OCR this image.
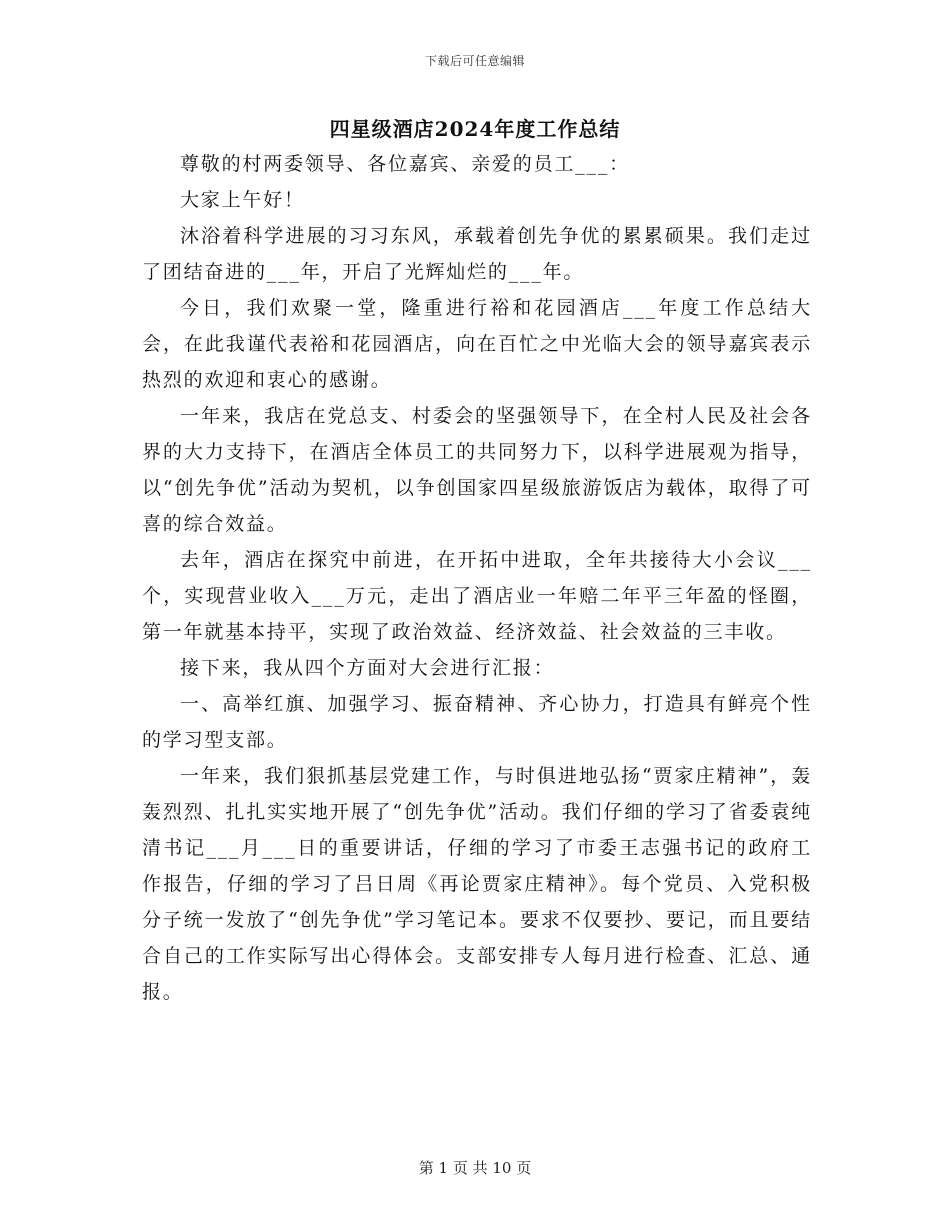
下载后可任意编辑
四星级酒店2024年度工作总结

尊敬的村两委领导、各位嘉宾、亲爱的员工___：

大家上午好！

沐浴着科学进展的习习东风，承载着创先争优的累累硕果。我们走过了团结奋进的___年，开启了光辉灿烂的___年。

今日，我们欢聚一堂，隆重进行裕和花园酒店___年度工作总结大会，在此我谨代表裕和花园酒店，向在百忙之中光临大会的领导嘉宾表示热烈的欢迎和衷心的感谢。

一年来，我店在党总支、村委会的坚强领导下，在全村人民及社会各界的大力支持下，在酒店全体员工的共同努力下，以科学进展观为指导，以“创先争优”活动为契机，以争创国家四星级旅游饭店为载体，取得了可喜的综合效益。

去年，酒店在探究中前进，在开拓中进取，全年共接待大小会议___个，实现营业收入___万元，走出了酒店业一年赔二年平三年盈的怪圈，第一年就基本持平，实现了政治效益、经济效益、社会效益的三丰收。

接下来，我从四个方面对大会进行汇报：

一、高举红旗、加强学习、振奋精神、齐心协力，打造具有鲜亮个性的学习型支部。

一年来，我们狠抓基层党建工作，与时俱进地弘扬“贾家庄精神”，轰轰烈烈、扎扎实实地开展了“创先争优”活动。我们仔细的学习了省委袁纯清书记___月___日的重要讲话，仔细的学习了市委王志强书记的政府工作报告，仔细的学习了吕日周《再论贾家庄精神》。每个党员、入党积极分子统一发放了“创先争优”学习笔记本。要求不仅要抄、要记，而且要结合自己的工作实际写出心得体会。支部安排专人每月进行检查、汇总、通报。

第 1 页 共 10 页
